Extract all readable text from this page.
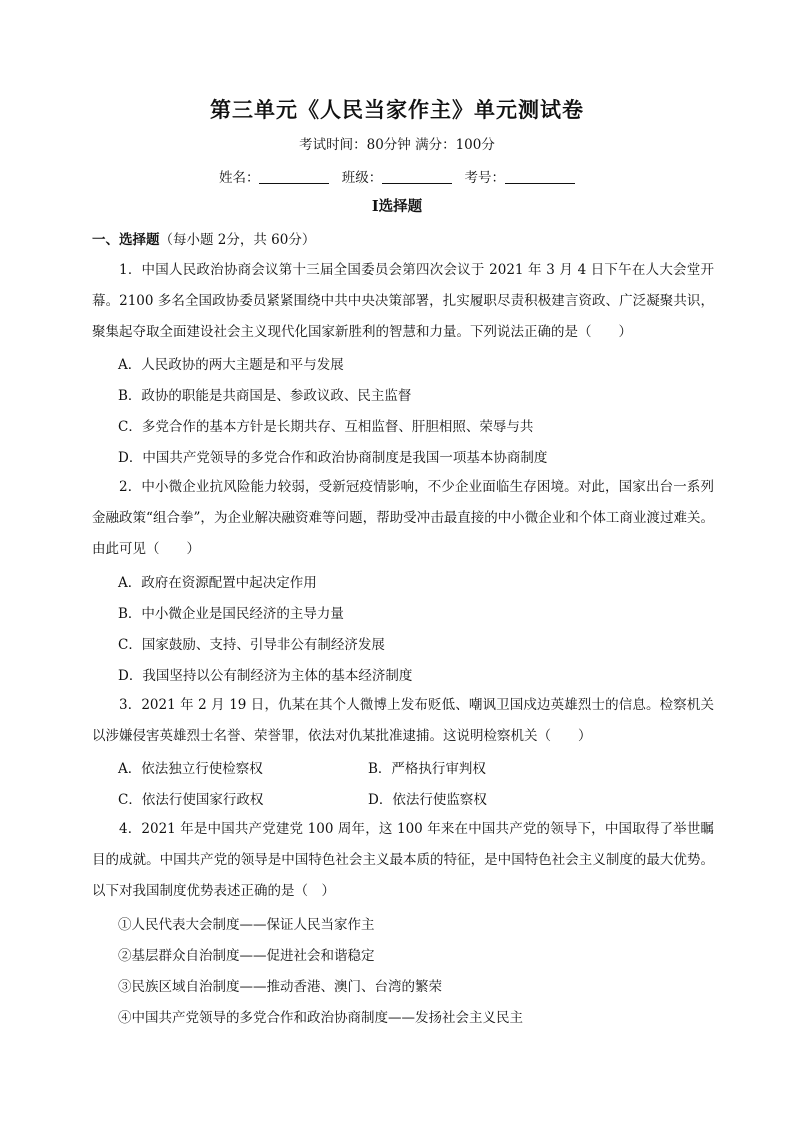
第三单元《人民当家作主》单元测试卷
考试时间：80分钟 满分：100分
姓名：	班级：	考号：
Ⅰ选择题
一、选择题（每小题 2分，共 60分）

1．中国人民政治协商会议第十三届全国委员会第四次会议于 2021 年 3 月 4 日下午在人大会堂开幕。2100 多名全国政协委员紧紧围绕中共中央决策部署，扎实履职尽责积极建言资政、广泛凝聚共识，聚集起夺取全面建设社会主义现代化国家新胜利的智慧和力量。下列说法正确的是（　　）

A．人民政协的两大主题是和平与发展
B．政协的职能是共商国是、参政议政、民主监督
C．多党合作的基本方针是长期共存、互相监督、肝胆相照、荣辱与共
D．中国共产党领导的多党合作和政治协商制度是我国一项基本协商制度

2．中小微企业抗风险能力较弱，受新冠疫情影响，不少企业面临生存困境。对此，国家出台一系列金融政策“组合拳”，为企业解决融资难等问题，帮助受冲击最直接的中小微企业和个体工商业渡过难关。由此可见（　　）

A．政府在资源配置中起决定作用
B．中小微企业是国民经济的主导力量
C．国家鼓励、支持、引导非公有制经济发展
D．我国坚持以公有制经济为主体的基本经济制度

3．2021 年 2 月 19 日，仇某在其个人微博上发布贬低、嘲讽卫国戍边英雄烈士的信息。检察机关以涉嫌侵害英雄烈士名誉、荣誉罪，依法对仇某批准逮捕。这说明检察机关（　　）

A．依法独立行使检察权	B．严格执行审判权
C．依法行使国家行政权	D．依法行使监察权

4．2021 年是中国共产党建党 100 周年，这 100 年来在中国共产党的领导下，中国取得了举世瞩目的成就。中国共产党的领导是中国特色社会主义最本质的特征，是中国特色社会主义制度的最大优势。以下对我国制度优势表述正确的是（　）

①人民代表大会制度——保证人民当家作主
②基层群众自治制度——促进社会和谐稳定
③民族区域自治制度——推动香港、澳门、台湾的繁荣
④中国共产党领导的多党合作和政治协商制度——发扬社会主义民主
